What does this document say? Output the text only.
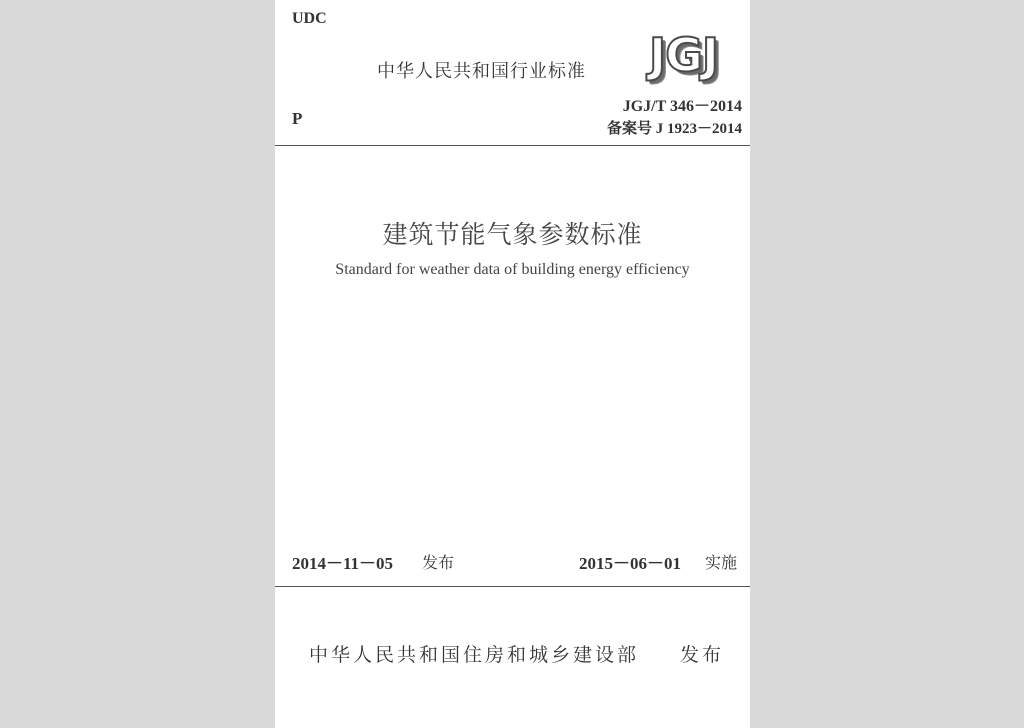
UDC
中华人民共和国行业标准 JGJ
P
JGJ/T 346－2014
备案号 J 1923－2014
建筑节能气象参数标准
Standard for weather data of building energy efficiency
2014－11－05 发布	2015－06－01 实施
中华人民共和国住房和城乡建设部 发布
